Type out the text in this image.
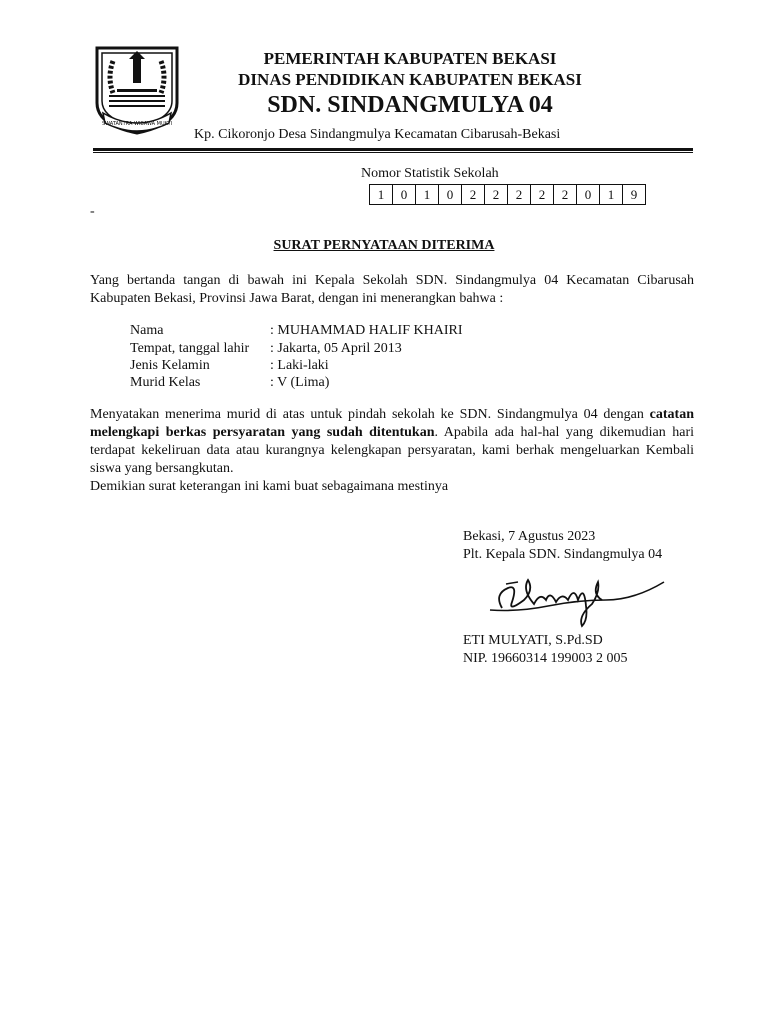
SWATANTRA WIBAWA MUKTI

PEMERINTAH KABUPATEN BEKASI

DINAS PENDIDIKAN KABUPATEN BEKASI

SDN. SINDANGMULYA 04

Kp. Cikoronjo Desa Sindangmulya Kecamatan Cibarusah-Bekasi

Nomor Statistik Sekolah
1	0	1	0	2	2	2	2	2	0	1	9
-
SURAT PERNYATAAN DITERIMA

Yang bertanda tangan di bawah ini Kepala Sekolah SDN. Sindangmulya 04 Kecamatan Cibarusah Kabupaten Bekasi, Provinsi Jawa Barat, dengan ini menerangkan bahwa :

Nama	: MUHAMMAD HALIF KHAIRI
Tempat, tanggal lahir : Jakarta, 05 April 2013
Jenis Kelamin	: Laki-laki
Murid Kelas	: V (Lima)

Menyatakan menerima murid di atas untuk pindah sekolah ke SDN. Sindangmulya 04 dengan catatan melengkapi berkas persyaratan yang sudah ditentukan. Apabila ada hal-hal yang dikemudian hari terdapat kekeliruan data atau kurangnya kelengkapan persyaratan, kami berhak mengeluarkan Kembali siswa yang bersangkutan.

Demikian surat keterangan ini kami buat sebagaimana mestinya

Bekasi, 7 Agustus 2023
Plt. Kepala SDN. Sindangmulya 04
ETI MULYATI, S.Pd.SD
NIP. 19660314 199003 2 005
